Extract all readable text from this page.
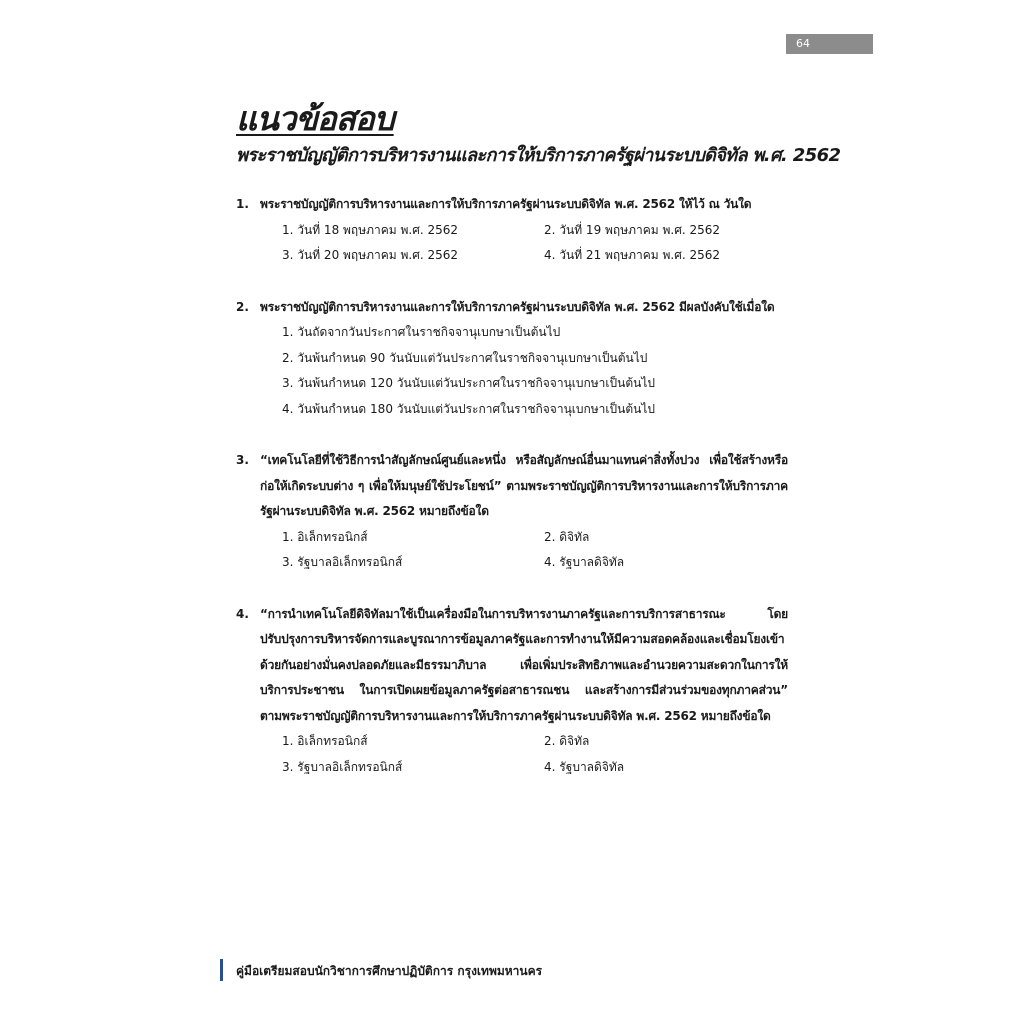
64
แนวข้อสอบ
พระราชบัญญัติการบริหารงานและการให้บริการภาครัฐผ่านระบบดิจิทัล พ.ศ. 2562
1. พระราชบัญญัติการบริหารงานและการให้บริการภาครัฐผ่านระบบดิจิทัล พ.ศ. 2562 ให้ไว้ ณ วันใด
1. วันที่ 18 พฤษภาคม พ.ศ. 2562	2. วันที่ 19 พฤษภาคม พ.ศ. 2562
3. วันที่ 20 พฤษภาคม พ.ศ. 2562	4. วันที่ 21 พฤษภาคม พ.ศ. 2562
2. พระราชบัญญัติการบริหารงานและการให้บริการภาครัฐผ่านระบบดิจิทัล พ.ศ. 2562 มีผลบังคับใช้เมื่อใด
1. วันถัดจากวันประกาศในราชกิจจานุเบกษาเป็นต้นไป
2. วันพ้นกำหนด 90 วันนับแต่วันประกาศในราชกิจจานุเบกษาเป็นต้นไป
3. วันพ้นกำหนด 120 วันนับแต่วันประกาศในราชกิจจานุเบกษาเป็นต้นไป
4. วันพ้นกำหนด 180 วันนับแต่วันประกาศในราชกิจจานุเบกษาเป็นต้นไป
3. “เทคโนโลยีที่ใช้วิธีการนำสัญลักษณ์ศูนย์และหนึ่ง หรือสัญลักษณ์อื่นมาแทนค่าสิ่งทั้งปวง เพื่อใช้สร้างหรือก่อให้เกิดระบบต่าง ๆ เพื่อให้มนุษย์ใช้ประโยชน์” ตามพระราชบัญญัติการบริหารงานและการให้บริการภาครัฐผ่านระบบดิจิทัล พ.ศ. 2562 หมายถึงข้อใด
1. อิเล็กทรอนิกส์	2. ดิจิทัล
3. รัฐบาลอิเล็กทรอนิกส์	4. รัฐบาลดิจิทัล
4. “การนำเทคโนโลยีดิจิทัลมาใช้เป็นเครื่องมือในการบริหารงานภาครัฐและการบริการสาธารณะ โดยปรับปรุงการบริหารจัดการและบูรณาการข้อมูลภาครัฐและการทำงานให้มีความสอดคล้องและเชื่อมโยงเข้าด้วยกันอย่างมั่นคงปลอดภัยและมีธรรมาภิบาล เพื่อเพิ่มประสิทธิภาพและอำนวยความสะดวกในการให้บริการประชาชน ในการเปิดเผยข้อมูลภาครัฐต่อสาธารณชน และสร้างการมีส่วนร่วมของทุกภาคส่วน” ตามพระราชบัญญัติการบริหารงานและการให้บริการภาครัฐผ่านระบบดิจิทัล พ.ศ. 2562 หมายถึงข้อใด
1. อิเล็กทรอนิกส์	2. ดิจิทัล
3. รัฐบาลอิเล็กทรอนิกส์	4. รัฐบาลดิจิทัล
คู่มือเตรียมสอบนักวิชาการศึกษาปฏิบัติการ กรุงเทพมหานคร
